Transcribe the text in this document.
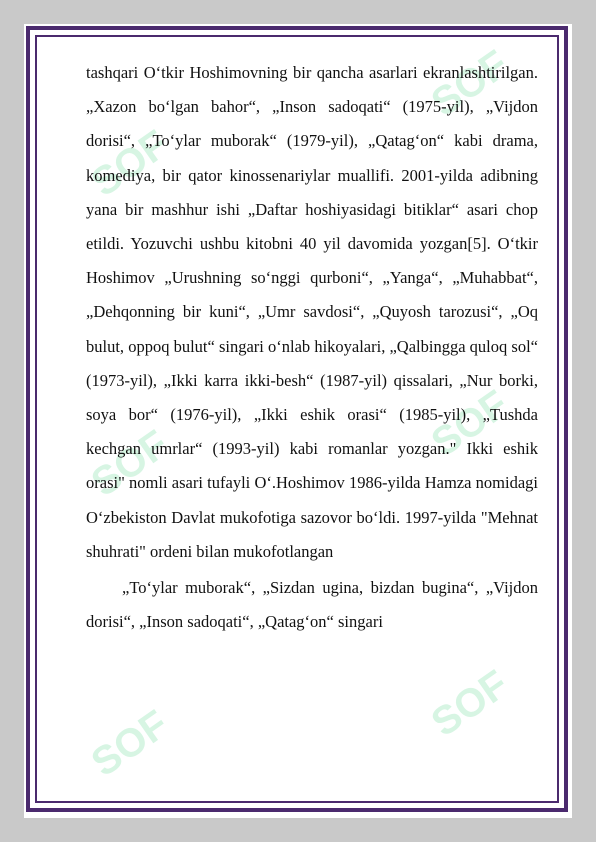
tashqari O‘tkir Hoshimovning bir qancha asarlari ekranlashtirilgan. „Xazon bo‘lgan bahor“, „Inson sadoqati“ (1975-yil), „Vijdon dorisi“, „To‘ylar muborak“ (1979-yil), „Qatag‘on“ kabi drama, komediya, bir qator kinossenariylar muallifi. 2001-yilda adibning yana bir mashhur ishi „Daftar hoshiyasidagi bitiklar“ asari chop etildi. Yozuvchi ushbu kitobni 40 yil davomida yozgan[5]. O‘tkir Hoshimov „Urushning so‘nggi qurboni“, „Yanga“, „Muhabbat“, „Dehqonning bir kuni“, „Umr savdosi“, „Quyosh tarozusi“, „Oq bulut, oppoq bulut“ singari o‘nlab hikoyalari, „Qalbingga quloq sol“ (1973-yil), „Ikki karra ikki-besh“ (1987-yil) qissalari, „Nur borki, soya bor“ (1976-yil), „Ikki eshik orasi“ (1985-yil), „Tushda kechgan umrlar“ (1993-yil) kabi romanlar yozgan." Ikki eshik orasi" nomli asari tufayli O‘.Hoshimov 1986-yilda Hamza nomidagi O‘zbekiston Davlat mukofotiga sazovor bo‘ldi. 1997-yilda "Mehnat shuhrati" ordeni bilan mukofotlangan

„To‘ylar muborak“, „Sizdan ugina, bizdan bugina“, „Vijdon dorisi“, „Inson sadoqati“, „Qatag‘on“ singari
